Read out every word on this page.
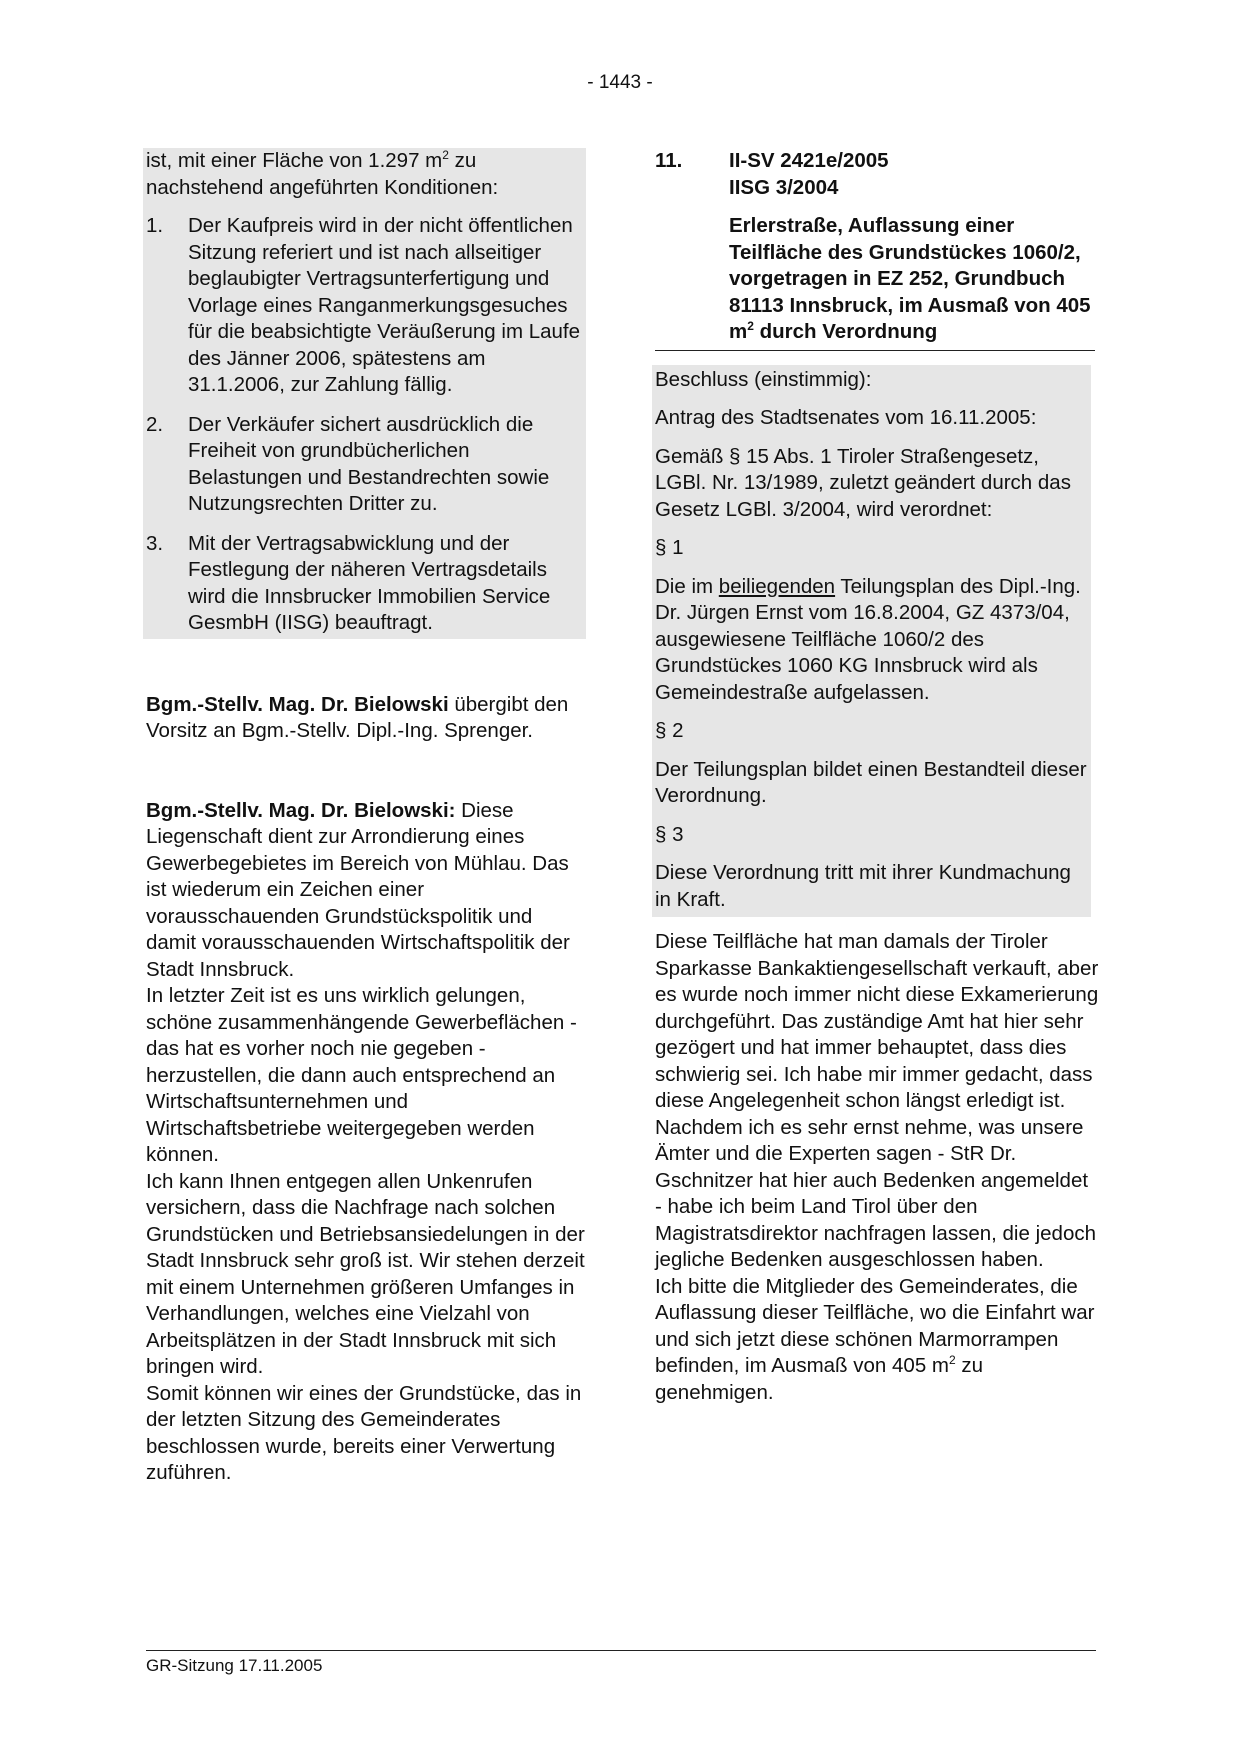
- 1443 -

ist, mit einer Fläche von 1.297 $m^2$ zu nachstehend angeführten Konditionen:

1.	Der Kaufpreis wird in der nicht öffentlichen Sitzung referiert und ist nach allseitiger beglaubigter Vertragsunterfertigung und Vorlage eines Ranganmerkungsgesuches für die beabsichtigte Veräußerung im Laufe des Jänner 2006, spätestens am 31.1.2006, zur Zahlung fällig.
2.	Der Verkäufer sichert ausdrücklich die Freiheit von grundbücherlichen Belastungen und Bestandrechten sowie Nutzungsrechten Dritter zu.
3.	Mit der Vertragsabwicklung und der Festlegung der näheren Vertragsdetails wird die Innsbrucker Immobilien Service GesmbH (IISG) beauftragt.

Bgm.-Stellv. Mag. Dr. Bielowski übergibt den Vorsitz an Bgm.-Stellv. Dipl.-Ing. Sprenger.

Bgm.-Stellv. Mag. Dr. Bielowski: Diese Liegenschaft dient zur Arrondierung eines Gewerbegebietes im Bereich von Mühlau. Das ist wiederum ein Zeichen einer vorausschauenden Grundstückspolitik und damit vorausschauenden Wirtschaftspolitik der Stadt Innsbruck.

In letzter Zeit ist es uns wirklich gelungen, schöne zusammenhängende Gewerbeflächen - das hat es vorher noch nie gegeben - herzustellen, die dann auch entsprechend an Wirtschaftsunternehmen und Wirtschaftsbetriebe weitergegeben werden können.

Ich kann Ihnen entgegen allen Unkenrufen versichern, dass die Nachfrage nach solchen Grundstücken und Betriebsansiedelungen in der Stadt Innsbruck sehr groß ist. Wir stehen derzeit mit einem Unternehmen größeren Umfanges in Verhandlungen, welches eine Vielzahl von Arbeitsplätzen in der Stadt Innsbruck mit sich bringen wird.

Somit können wir eines der Grundstücke, das in der letzten Sitzung des Gemeinderates beschlossen wurde, bereits einer Verwertung zuführen.

11.	II-SV 2421e/2005
IISG 3/2004
Erlerstraße, Auflassung einer Teilfläche des Grundstückes 1060/2, vorgetragen in EZ 252, Grundbuch 81113 Innsbruck, im Ausmaß von 405 $m^2$ durch Verordnung

Beschluss (einstimmig):

Antrag des Stadtsenates vom 16.11.2005:

Gemäß § 15 Abs. 1 Tiroler Straßengesetz, LGBl. Nr. 13/1989, zuletzt geändert durch das Gesetz LGBl. 3/2004, wird verordnet:

§ 1

Die im beiliegenden Teilungsplan des Dipl.-Ing. Dr. Jürgen Ernst vom 16.8.2004, GZ 4373/04, ausgewiesene Teilfläche 1060/2 des Grundstückes 1060 KG Innsbruck wird als Gemeindestraße aufgelassen.

§ 2

Der Teilungsplan bildet einen Bestandteil dieser Verordnung.

§ 3

Diese Verordnung tritt mit ihrer Kundmachung in Kraft.

Diese Teilfläche hat man damals der Tiroler Sparkasse Bankaktiengesellschaft verkauft, aber es wurde noch immer nicht diese Exkamerierung durchgeführt. Das zuständige Amt hat hier sehr gezögert und hat immer behauptet, dass dies schwierig sei. Ich habe mir immer gedacht, dass diese Angelegenheit schon längst erledigt ist.

Nachdem ich es sehr ernst nehme, was unsere Ämter und die Experten sagen - StR Dr. Gschnitzer hat hier auch Bedenken angemeldet - habe ich beim Land Tirol über den Magistratsdirektor nachfragen lassen, die jedoch jegliche Bedenken ausgeschlossen haben.

Ich bitte die Mitglieder des Gemeinderates, die Auflassung dieser Teilfläche, wo die Einfahrt war und sich jetzt diese schönen Marmorrampen befinden, im Ausmaß von 405 $m^2$ zu genehmigen.

GR-Sitzung 17.11.2005
